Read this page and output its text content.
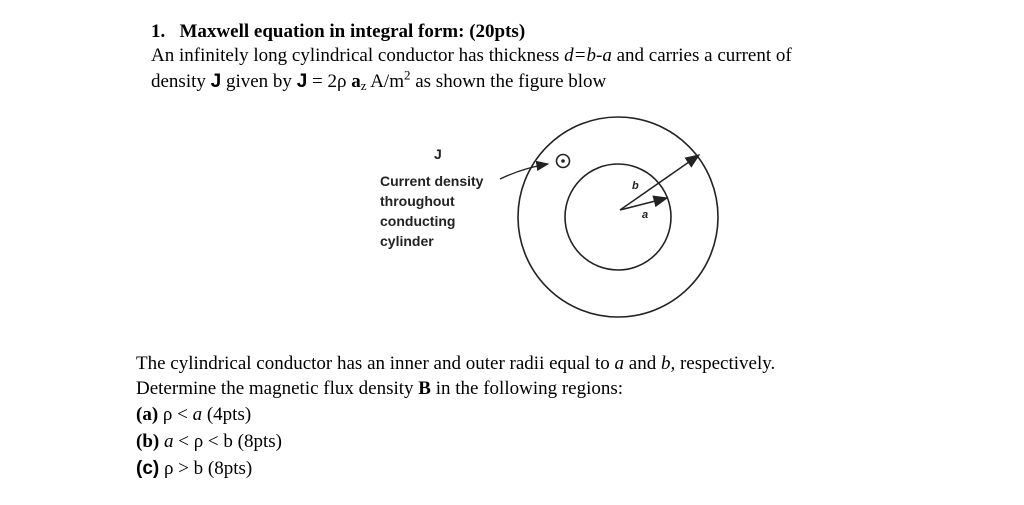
1. Maxwell equation in integral form: (20pts)
An infinitely long cylindrical conductor has thickness d=b-a and carries a current of
density J given by J = 2ρ $a_z$ $A/m^2$ as shown the figure blow
J
Current density
throughout
conducting
cylinder
b
a
The cylindrical conductor has an inner and outer radii equal to a and b, respectively.
Determine the magnetic flux density B in the following regions:
(a) ρ < a (4pts)
(b) a < ρ < b (8pts)
(c) ρ > b (8pts)
